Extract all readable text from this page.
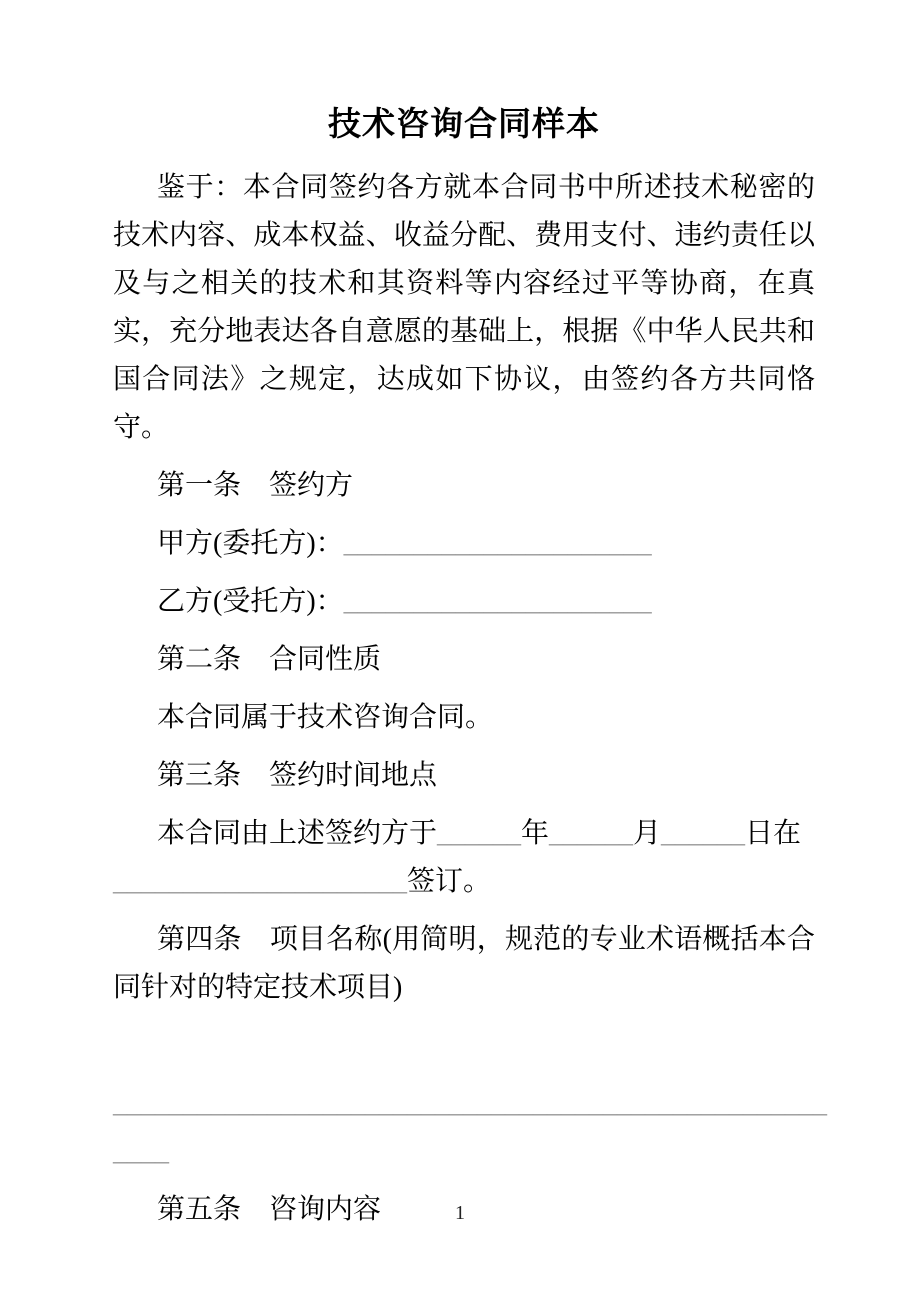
技术咨询合同样本

鉴于：本合同签约各方就本合同书中所述技术秘密的技术内容、成本权益、收益分配、费用支付、违约责任以及与之相关的技术和其资料等内容经过平等协商，在真实，充分地表达各自意愿的基础上，根据《中华人民共和国合同法》之规定，达成如下协议，由签约各方共同恪守。

第一条　签约方

甲方(委托方)：______________________

乙方(受托方)：______________________

第二条　合同性质

本合同属于技术咨询合同。

第三条　签约时间地点

本合同由上述签约方于______年______月______日在_____________________签订。

第四条　项目名称(用简明，规范的专业术语概括本合同针对的特定技术项目)

___________________________________________________
____

第五条　咨询内容	1
